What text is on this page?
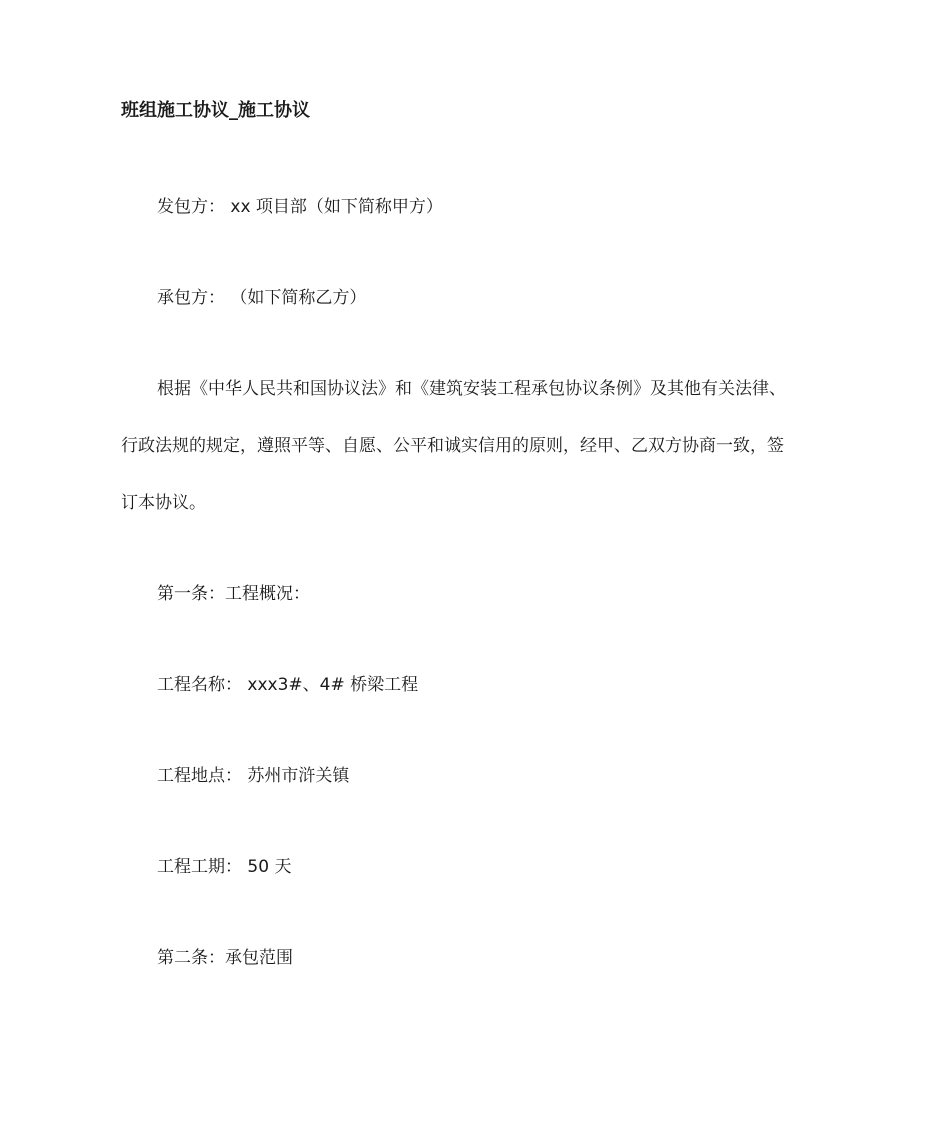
班组施工协议_施工协议

发包方： xx 项目部（如下简称甲方）

承包方： （如下简称乙方）

根据《中华人民共和国协议法》和《建筑安装工程承包协议条例》及其他有关法律、
行政法规的规定，遵照平等、自愿、公平和诚实信用的原则，经甲、乙双方协商一致，签
订本协议。

第一条：工程概况：

工程名称： xxx3#、4# 桥梁工程

工程地点： 苏州市浒关镇

工程工期： 50 天

第二条：承包范围
